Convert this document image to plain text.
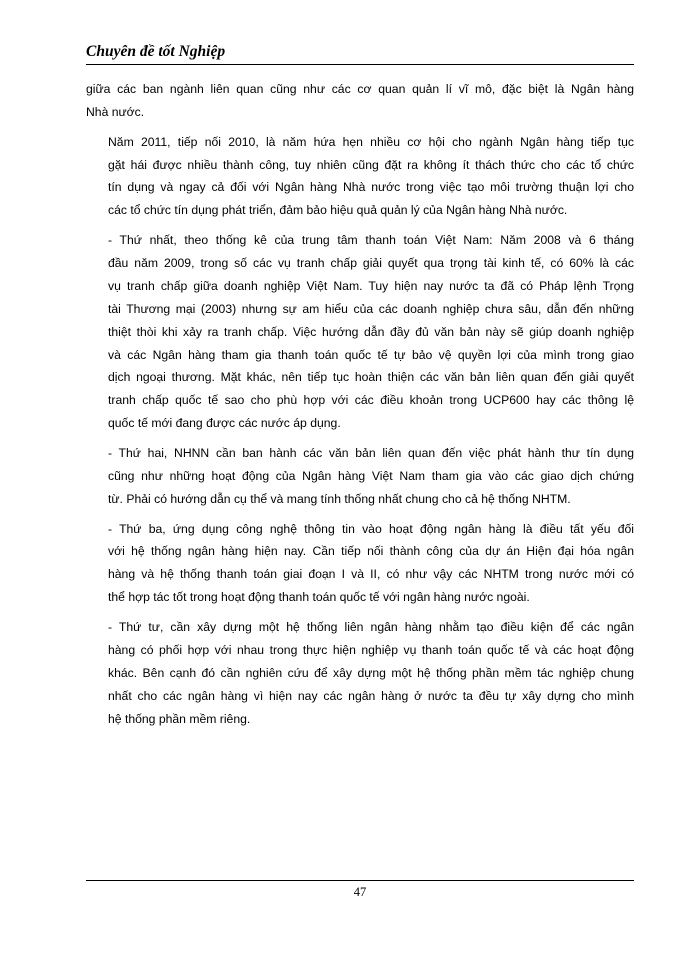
Chuyên đề tốt Nghiệp

giữa các ban ngành liên quan cũng như các cơ quan quản lí vĩ mô, đặc biệt là Ngân hàng
Nhà nước.

Năm 2011, tiếp nối 2010, là năm hứa hẹn nhiều cơ hội cho ngành Ngân hàng tiếp tục
gặt hái được nhiều thành công, tuy nhiên cũng đặt ra không ít thách thức cho các tổ chức
tín dụng và ngay cả đối với Ngân hàng Nhà nước trong việc tạo môi trường thuận lợi cho
các tổ chức tín dụng phát triển, đảm bảo hiệu quả quản lý của Ngân hàng Nhà nước.

- Thứ nhất, theo thống kê của trung tâm thanh toán Việt Nam: Năm 2008 và 6 tháng
đầu năm 2009, trong số các vụ tranh chấp giải quyết qua trọng tài kinh tế, có 60% là các
vụ tranh chấp giữa doanh nghiệp Việt Nam. Tuy hiện nay nước ta đã có Pháp lệnh Trọng
tài Thương mại (2003) nhưng sự am hiểu của các doanh nghiệp chưa sâu, dẫn đến những
thiệt thòi khi xảy ra tranh chấp. Việc hướng dẫn đầy đủ văn bản này sẽ giúp doanh nghiệp
và các Ngân hàng tham gia thanh toán quốc tế tự bảo vệ quyền lợi của mình trong giao
dịch ngoại thương. Mặt khác, nên tiếp tục hoàn thiện các văn bản liên quan đến giải quyết
tranh chấp quốc tế sao cho phù hợp với các điều khoản trong UCP600 hay các thông lệ
quốc tế mới đang được các nước áp dụng.

- Thứ hai, NHNN cần ban hành các văn bản liên quan đến việc phát hành thư tín dụng
cũng như những hoạt động của Ngân hàng Việt Nam tham gia vào các giao dịch chứng
từ. Phải có hướng dẫn cụ thể và mang tính thống nhất chung cho cả hệ thống NHTM.

- Thứ ba, ứng dụng công nghệ thông tin vào hoạt động ngân hàng là điều tất yếu đối
với hệ thống ngân hàng hiện nay. Cần tiếp nối thành công của dự án Hiện đại hóa ngân
hàng và hệ thống thanh toán giai đoạn I và II, có như vậy các NHTM trong nước mới có
thể hợp tác tốt trong hoạt động thanh toán quốc tế với ngân hàng nước ngoài.

- Thứ tư, cần xây dựng một hệ thống liên ngân hàng nhằm tạo điều kiện để các ngân
hàng có phối hợp với nhau trong thực hiện nghiệp vụ thanh toán quốc tế và các hoạt động
khác. Bên cạnh đó cần nghiên cứu để xây dựng một hệ thống phần mềm tác nghiệp chung
nhất cho các ngân hàng vì hiện nay các ngân hàng ở nước ta đều tự xây dựng cho mình
hệ thống phần mềm riêng.

47
